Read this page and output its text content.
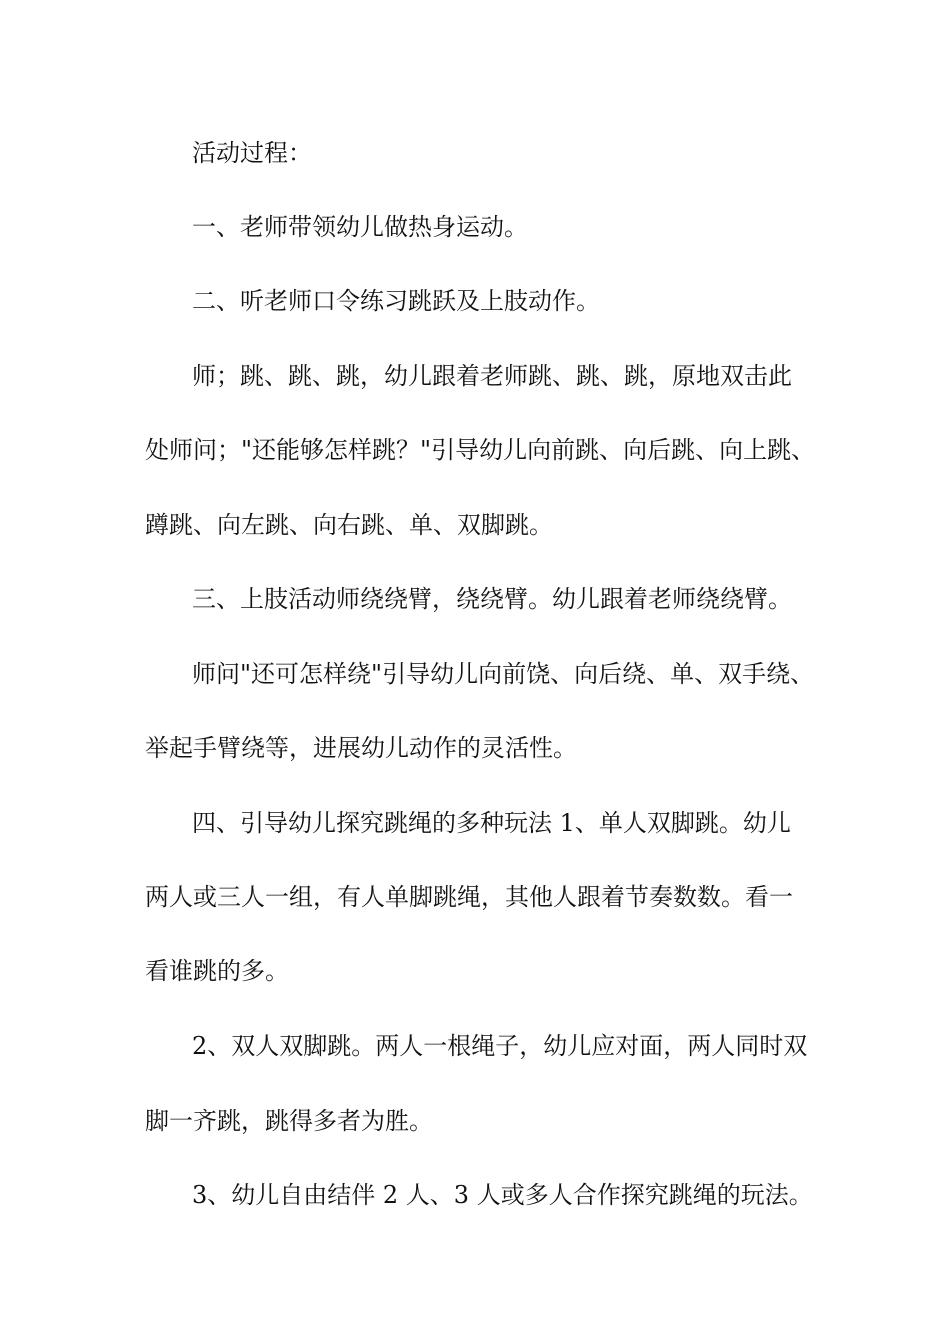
活动过程：
一、老师带领幼儿做热身运动。
二、听老师口令练习跳跃及上肢动作。
师；跳、跳、跳，幼儿跟着老师跳、跳、跳，原地双击此
处师问；"还能够怎样跳？"引导幼儿向前跳、向后跳、向上跳、
蹲跳、向左跳、向右跳、单、双脚跳。
三、上肢活动师绕绕臂，绕绕臂。幼儿跟着老师绕绕臂。
师问"还可怎样绕"引导幼儿向前饶、向后绕、单、双手绕、
举起手臂绕等，进展幼儿动作的灵活性。
四、引导幼儿探究跳绳的多种玩法 1、单人双脚跳。幼儿
两人或三人一组，有人单脚跳绳，其他人跟着节奏数数。看一
看谁跳的多。
2、双人双脚跳。两人一根绳子，幼儿应对面，两人同时双
脚一齐跳，跳得多者为胜。
3、幼儿自由结伴 2 人、3 人或多人合作探究跳绳的玩法。
